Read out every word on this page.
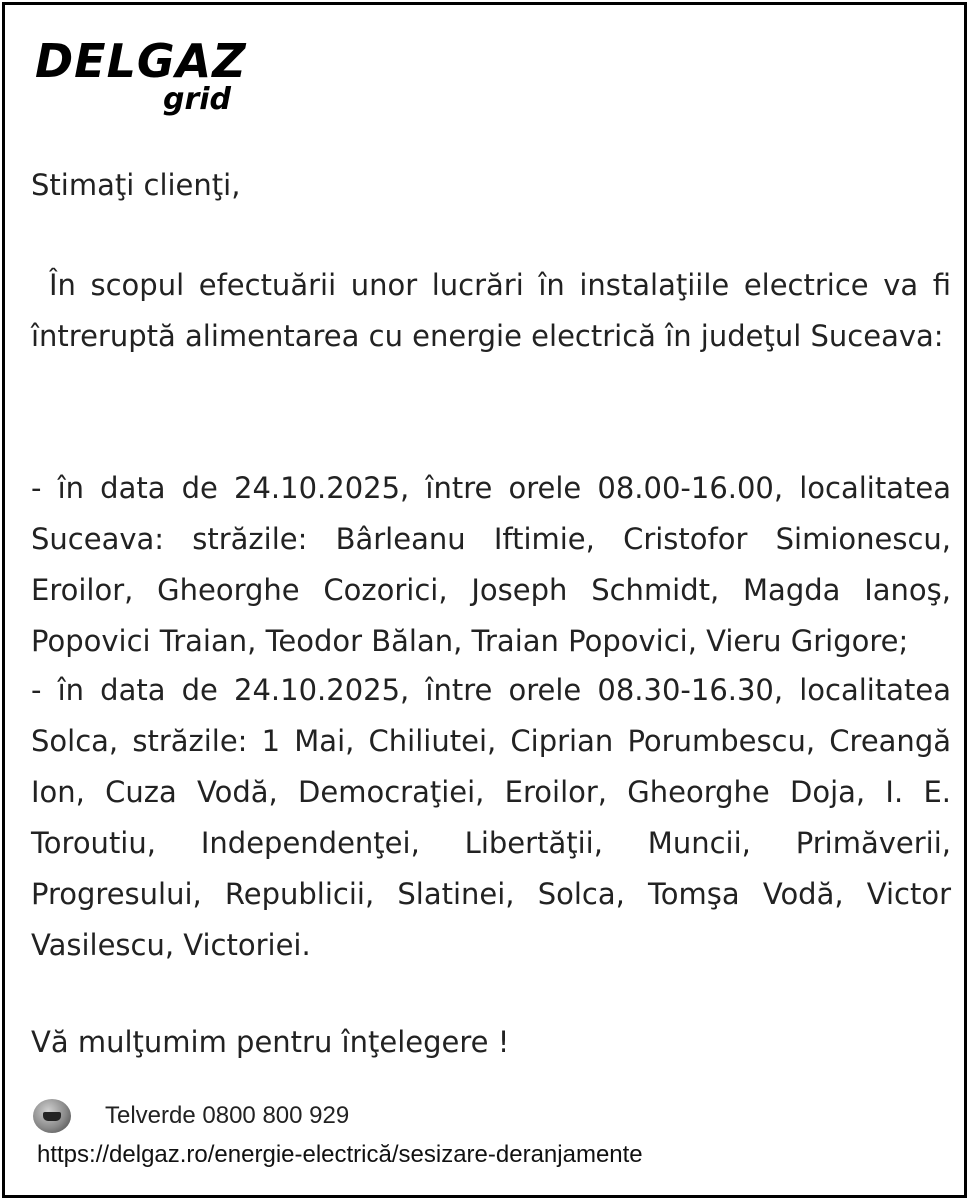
DELGAZ
grid
Stimaţi clienţi,
În scopul efectuării unor lucrări în instalaţiile electrice va fi întreruptă alimentarea cu energie electrică în judeţul Suceava:
- în data de 24.10.2025, între orele 08.00-16.00, localitatea Suceava: străzile: Bârleanu Iftimie, Cristofor Simionescu, Eroilor, Gheorghe Cozorici, Joseph Schmidt, Magda Ianoş, Popovici Traian, Teodor Bălan, Traian Popovici, Vieru Grigore;
- în data de 24.10.2025, între orele 08.30-16.30, localitatea Solca, străzile: 1 Mai, Chiliutei, Ciprian Porumbescu, Creangă Ion, Cuza Vodă, Democraţiei, Eroilor, Gheorghe Doja, I. E. Toroutiu, Independenţei, Libertăţii, Muncii, Primăverii, Progresului, Republicii, Slatinei, Solca, Tomşa Vodă, Victor Vasilescu, Victoriei.
Vă mulţumim pentru înţelegere !
Telverde 0800 800 929
https://delgaz.ro/energie-electrică/sesizare-deranjamente
